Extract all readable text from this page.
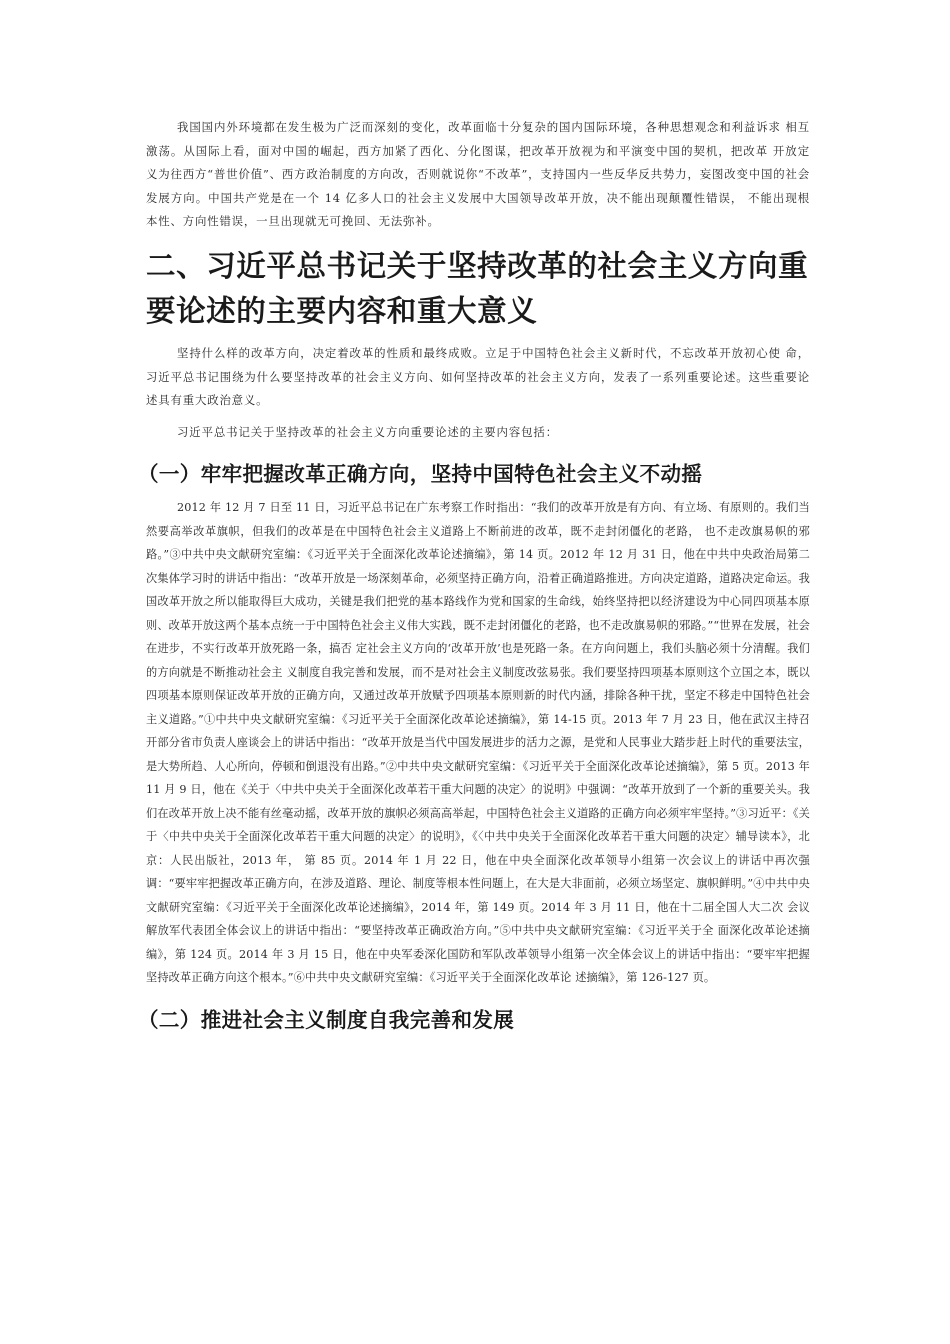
我国国内外环境都在发生极为广泛而深刻的变化，改革面临十分复杂的国内国际环境，各种思想观念和利益诉求 相互激荡。从国际上看，面对中国的崛起，西方加紧了西化、分化图谋，把改革开放视为和平演变中国的契机，把改革 开放定义为往西方“普世价值”、西方政治制度的方向改，否则就说你“不改革”，支持国内一些反华反共势力，妄图改变中国的社会发展方向。中国共产党是在一个 14 亿多人口的社会主义发展中大国领导改革开放，决不能出现颠覆性错误， 不能出现根本性、方向性错误，一旦出现就无可挽回、无法弥补。

二、习近平总书记关于坚持改革的社会主义方向重要论述的主要内容和重大意义

坚持什么样的改革方向，决定着改革的性质和最终成败。立足于中国特色社会主义新时代，不忘改革开放初心使 命，习近平总书记围绕为什么要坚持改革的社会主义方向、如何坚持改革的社会主义方向，发表了一系列重要论述。这些重要论述具有重大政治意义。

习近平总书记关于坚持改革的社会主义方向重要论述的主要内容包括：

（一）牢牢把握改革正确方向，坚持中国特色社会主义不动摇

2012 年 12 月 7 日至 11 日，习近平总书记在广东考察工作时指出：“我们的改革开放是有方向、有立场、有原则的。我们当然要高举改革旗帜，但我们的改革是在中国特色社会主义道路上不断前进的改革，既不走封闭僵化的老路， 也不走改旗易帜的邪路。”③中共中央文献研究室编：《习近平关于全面深化改革论述摘编》，第 14 页。2012 年 12 月 31 日，他在中共中央政治局第二次集体学习时的讲话中指出：“改革开放是一场深刻革命，必须坚持正确方向，沿着正确道路推进。方向决定道路，道路决定命运。我国改革开放之所以能取得巨大成功，关键是我们把党的基本路线作为党和国家的生命线，始终坚持把以经济建设为中心同四项基本原则、改革开放这两个基本点统一于中国特色社会主义伟大实践，既不走封闭僵化的老路，也不走改旗易帜的邪路。”“世界在发展，社会在进步，不实行改革开放死路一条，搞否 定社会主义方向的‘改革开放’也是死路一条。在方向问题上，我们头脑必须十分清醒。我们的方向就是不断推动社会主 义制度自我完善和发展，而不是对社会主义制度改弦易张。我们要坚持四项基本原则这个立国之本，既以四项基本原则保证改革开放的正确方向，又通过改革开放赋予四项基本原则新的时代内涵，排除各种干扰，坚定不移走中国特色社会主义道路。”①中共中央文献研究室编：《习近平关于全面深化改革论述摘编》，第 14-15 页。2013 年 7 月 23 日，他在武汉主持召开部分省市负责人座谈会上的讲话中指出：“改革开放是当代中国发展进步的活力之源，是党和人民事业大踏步赶上时代的重要法宝，是大势所趋、人心所向，停顿和倒退没有出路。”②中共中央文献研究室编：《习近平关于全面深化改革论述摘编》，第 5 页。2013 年 11 月 9 日，他在《关于〈中共中央关于全面深化改革若干重大问题的决定〉的说明》中强调：“改革开放到了一个新的重要关头。我们在改革开放上决不能有丝毫动摇，改革开放的旗帜必须高高举起，中国特色社会主义道路的正确方向必须牢牢坚持。”③习近平：《关于〈中共中央关于全面深化改革若干重大问题的决定〉的说明》，《〈中共中央关于全面深化改革若干重大问题的决定〉辅导读本》，北京：人民出版社，2013 年， 第 85 页。2014 年 1 月 22 日，他在中央全面深化改革领导小组第一次会议上的讲话中再次强调：“要牢牢把握改革正确方向，在涉及道路、理论、制度等根本性问题上，在大是大非面前，必须立场坚定、旗帜鲜明。”④中共中央文献研究室编：《习近平关于全面深化改革论述摘编》，2014 年，第 149 页。2014 年 3 月 11 日，他在十二届全国人大二次 会议解放军代表团全体会议上的讲话中指出：“要坚持改革正确政治方向。”⑤中共中央文献研究室编：《习近平关于全 面深化改革论述摘编》，第 124 页。2014 年 3 月 15 日，他在中央军委深化国防和军队改革领导小组第一次全体会议上的讲话中指出：“要牢牢把握坚持改革正确方向这个根本。”⑥中共中央文献研究室编：《习近平关于全面深化改革论 述摘编》，第 126-127 页。

（二）推进社会主义制度自我完善和发展
